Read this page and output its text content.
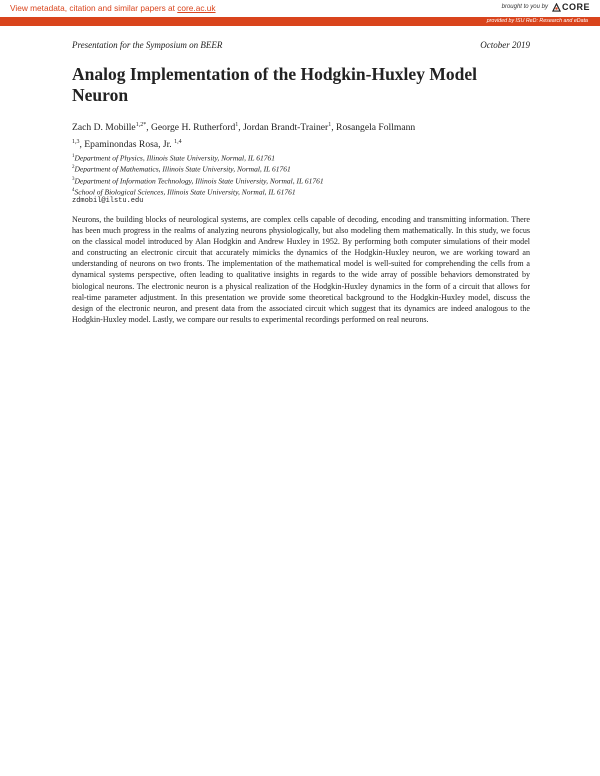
View metadata, citation and similar papers at core.ac.uk	brought to you by CORE
provided by ISU ReD: Research and eData
Presentation for the Symposium on BEER	October 2019
Analog Implementation of the Hodgkin-Huxley Model Neuron
Zach D. Mobille$^{1,2*}$, George H. Rutherford$^1$, Jordan Brandt-Trainer$^1$, Rosangela Follmann
$^{1,3}$, Epaminondas Rosa, Jr. $^{1,4}$
$^1$Department of Physics, Illinois State University, Normal, IL 61761
$^2$Department of Mathematics, Illinois State University, Normal, IL 61761
$^3$Department of Information Technology, Illinois State University, Normal, IL 61761
$^4$School of Biological Sciences, Illinois State University, Normal, IL 61761
zdmobil@ilstu.edu

Neurons, the building blocks of neurological systems, are complex cells capable of decoding, encoding and transmitting information. There has been much progress in the realms of analyzing neurons physiologically, but also modeling them mathematically. In this study, we focus on the classical model introduced by Alan Hodgkin and Andrew Huxley in 1952. By performing both computer simulations of their model and constructing an electronic circuit that accurately mimicks the dynamics of the Hodgkin-Huxley neuron, we are working toward an understanding of neurons on two fronts. The implementation of the mathematical model is well-suited for comprehending the cells from a dynamical systems perspective, often leading to qualitative insights in regards to the wide array of possible behaviors demonstrated by biological neurons. The electronic neuron is a physical realization of the Hodgkin-Huxley dynamics in the form of a circuit that allows for real-time parameter adjustment. In this presentation we provide some theoretical background to the Hodgkin-Huxley model, discuss the design of the electronic neuron, and present data from the associated circuit which suggest that its dynamics are indeed analogous to the Hodgkin-Huxley model. Lastly, we compare our results to experimental recordings performed on real neurons.
